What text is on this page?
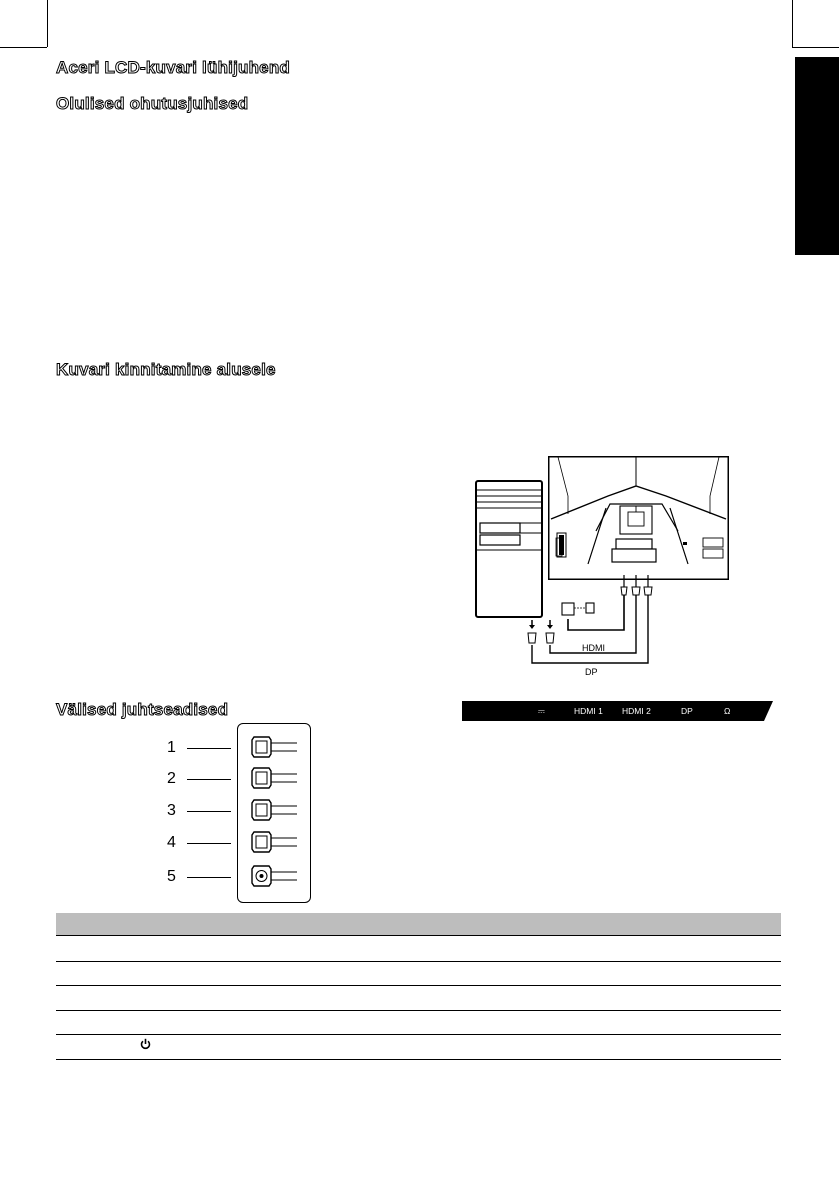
Aceri LCD-kuvari lühijuhend
Olulised ohutusjuhised
Kuvari kinnitamine alusele
Välised juhtseadised
HDMI
DP
⎓	HDMI 1 HDMI 2	DP	Ω
1
2
3
4
5
